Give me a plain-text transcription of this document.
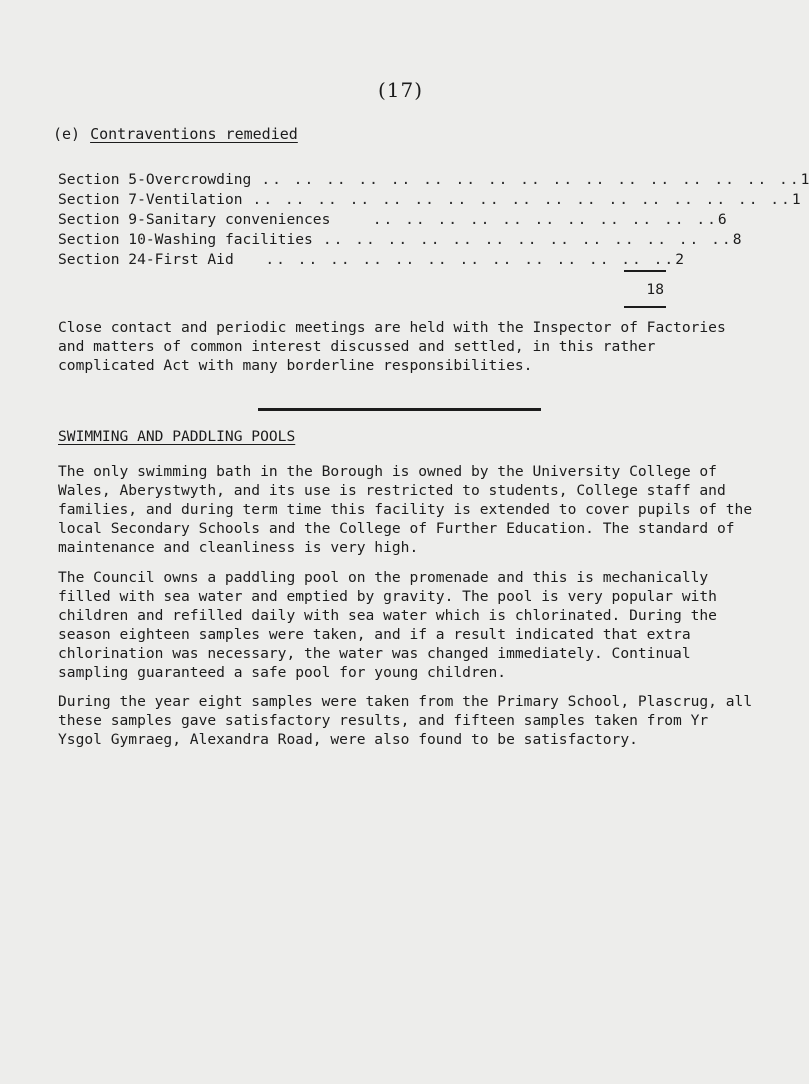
(17)
(e) Contraventions remedied
Section 5 - Overcrowding .. .. .. .. .. .. .. .. .. .. .. .. .. .. .. .. .. 1
Section 7 - Ventilation .. .. .. .. .. .. .. .. .. .. .. .. .. .. .. .. .. 1
Section 9 - Sanitary conveniences .. .. .. .. .. .. .. .. .. .. .. 6
Section 10 - Washing facilities .. .. .. .. .. .. .. .. .. .. .. .. .. 8
Section 24 - First Aid .. .. .. .. .. .. .. .. .. .. .. .. .. 2
18

Close contact and periodic meetings are held with the Inspector of Factories and matters of common interest discussed and settled, in this rather complicated Act with many borderline responsibilities.

SWIMMING AND PADDLING POOLS

The only swimming bath in the Borough is owned by the University College of Wales, Aberystwyth, and its use is restricted to students, College staff and families, and during term time this facility is extended to cover pupils of the local Secondary Schools and the College of Further Education. The standard of maintenance and cleanliness is very high.

The Council owns a paddling pool on the promenade and this is mechanically filled with sea water and emptied by gravity. The pool is very popular with children and refilled daily with sea water which is chlorinated. During the season eighteen samples were taken, and if a result indicated that extra chlorination was necessary, the water was changed immediately. Continual sampling guaranteed a safe pool for young children.

During the year eight samples were taken from the Primary School, Plascrug, all these samples gave satisfactory results, and fifteen samples taken from Yr Ysgol Gymraeg, Alexandra Road, were also found to be satisfactory.
